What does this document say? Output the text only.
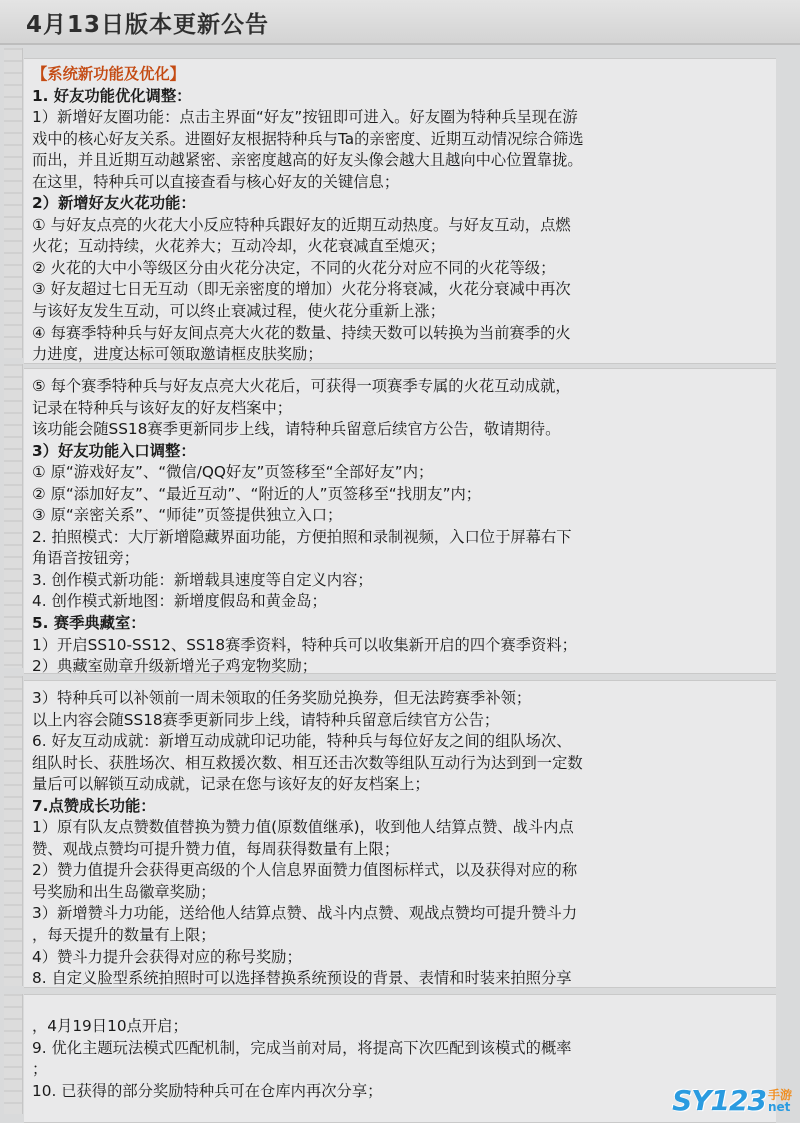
4月13日版本更新公告
【系统新功能及优化】
1. 好友功能优化调整：
1）新增好友圈功能：点击主界面“好友”按钮即可进入。好友圈为特种兵呈现在游
戏中的核心好友关系。进圈好友根据特种兵与Ta的亲密度、近期互动情况综合筛选
而出，并且近期互动越紧密、亲密度越高的好友头像会越大且越向中心位置靠拢。
在这里，特种兵可以直接查看与核心好友的关键信息；
2）新增好友火花功能：
① 与好友点亮的火花大小反应特种兵跟好友的近期互动热度。与好友互动，点燃
火花；互动持续，火花养大；互动冷却，火花衰减直至熄灭；
② 火花的大中小等级区分由火花分决定，不同的火花分对应不同的火花等级；
③ 好友超过七日无互动（即无亲密度的增加）火花分将衰减，火花分衰减中再次
与该好友发生互动，可以终止衰减过程，使火花分重新上涨；
④ 每赛季特种兵与好友间点亮大火花的数量、持续天数可以转换为当前赛季的火
力进度，进度达标可领取邀请框皮肤奖励；
⑤ 每个赛季特种兵与好友点亮大火花后，可获得一项赛季专属的火花互动成就，
记录在特种兵与该好友的好友档案中；
该功能会随SS18赛季更新同步上线，请特种兵留意后续官方公告，敬请期待。
3）好友功能入口调整：
① 原“游戏好友”、“微信/QQ好友”页签移至“全部好友”内；
② 原“添加好友”、“最近互动”、“附近的人”页签移至“找朋友”内；
③ 原“亲密关系”、“师徒”页签提供独立入口；
2. 拍照模式：大厅新增隐藏界面功能，方便拍照和录制视频，入口位于屏幕右下
角语音按钮旁；
3. 创作模式新功能：新增载具速度等自定义内容；
4. 创作模式新地图：新增度假岛和黄金岛；
5. 赛季典藏室：
1）开启SS10-SS12、SS18赛季资料，特种兵可以收集新开启的四个赛季资料；
2）典藏室勋章升级新增光子鸡宠物奖励；
3）特种兵可以补领前一周未领取的任务奖励兑换券，但无法跨赛季补领；
以上内容会随SS18赛季更新同步上线，请特种兵留意后续官方公告；
6. 好友互动成就：新增互动成就印记功能，特种兵与每位好友之间的组队场次、
组队时长、获胜场次、相互救援次数、相互还击次数等组队互动行为达到到一定数
量后可以解锁互动成就，记录在您与该好友的好友档案上；
7.点赞成长功能：
1）原有队友点赞数值替换为赞力值(原数值继承)，收到他人结算点赞、战斗内点
赞、观战点赞均可提升赞力值，每周获得数量有上限；
2）赞力值提升会获得更高级的个人信息界面赞力值图标样式，以及获得对应的称
号奖励和出生岛徽章奖励；
3）新增赞斗力功能，送给他人结算点赞、战斗内点赞、观战点赞均可提升赞斗力
，每天提升的数量有上限；
4）赞斗力提升会获得对应的称号奖励；
8. 自定义脸型系统拍照时可以选择替换系统预设的背景、表情和时装来拍照分享
，4月19日10点开启；
9. 优化主题玩法模式匹配机制，完成当前对局，将提高下次匹配到该模式的概率
；
10. 已获得的部分奖励特种兵可在仓库内再次分享；	SY123 手游
net
